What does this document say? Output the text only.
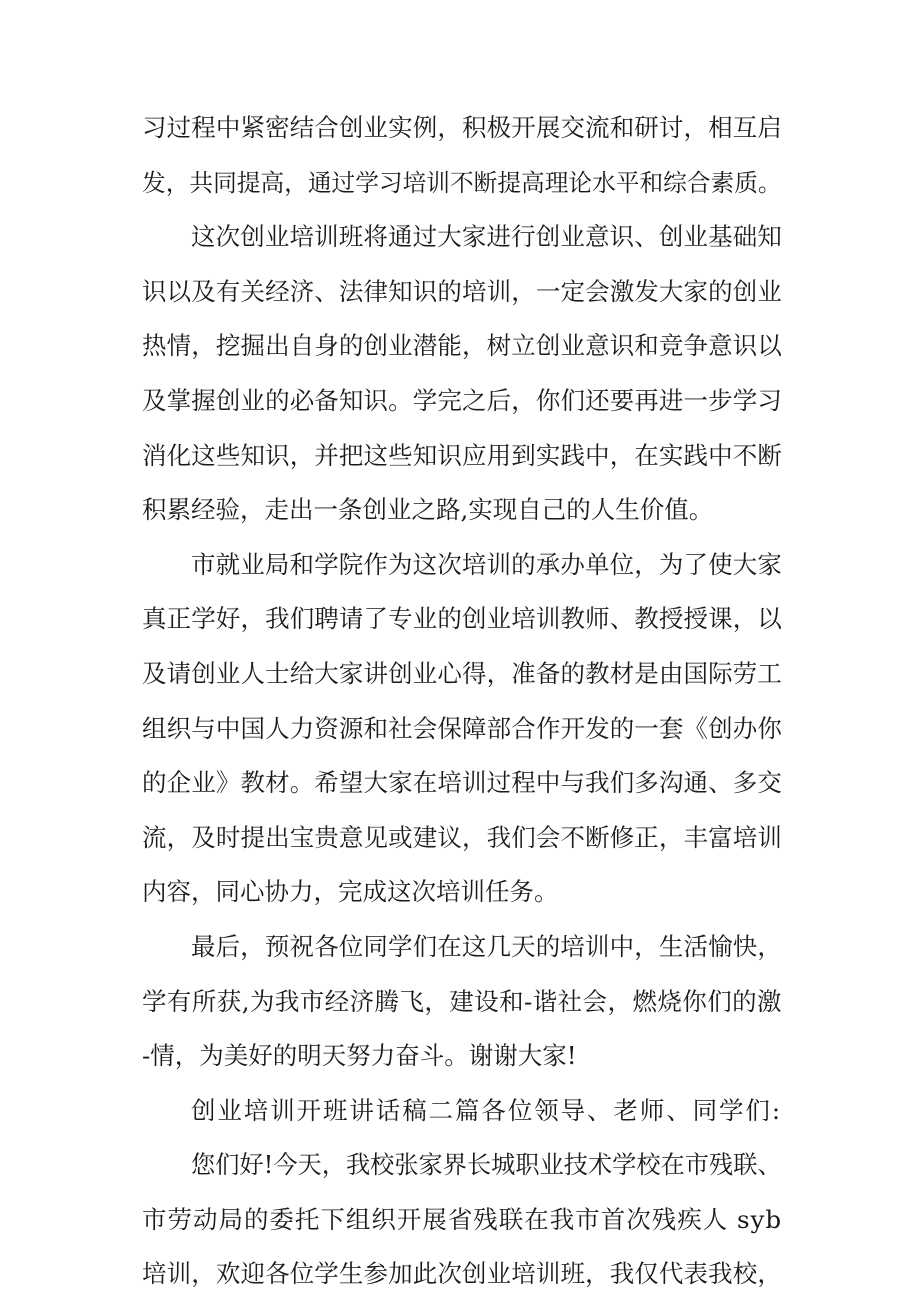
习过程中紧密结合创业实例，积极开展交流和研讨，相互启
发，共同提高，通过学习培训不断提高理论水平和综合素质。
这次创业培训班将通过大家进行创业意识、创业基础知
识以及有关经济、法律知识的培训，一定会激发大家的创业
热情，挖掘出自身的创业潜能，树立创业意识和竞争意识以
及掌握创业的必备知识。学完之后，你们还要再进一步学习
消化这些知识，并把这些知识应用到实践中，在实践中不断
积累经验，走出一条创业之路,实现自己的人生价值。
市就业局和学院作为这次培训的承办单位，为了使大家
真正学好，我们聘请了专业的创业培训教师、教授授课，以
及请创业人士给大家讲创业心得，准备的教材是由国际劳工
组织与中国人力资源和社会保障部合作开发的一套《创办你
的企业》教材。希望大家在培训过程中与我们多沟通、多交
流，及时提出宝贵意见或建议，我们会不断修正，丰富培训
内容，同心协力，完成这次培训任务。
最后，预祝各位同学们在这几天的培训中，生活愉快，
学有所获,为我市经济腾飞，建设和-谐社会，燃烧你们的激
-情，为美好的明天努力奋斗。谢谢大家!
创业培训开班讲话稿二篇各位领导、老师、同学们:
您们好!今天，我校张家界长城职业技术学校在市残联、
市劳动局的委托下组织开展省残联在我市首次残疾人 syb
培训，欢迎各位学生参加此次创业培训班，我仅代表我校，
